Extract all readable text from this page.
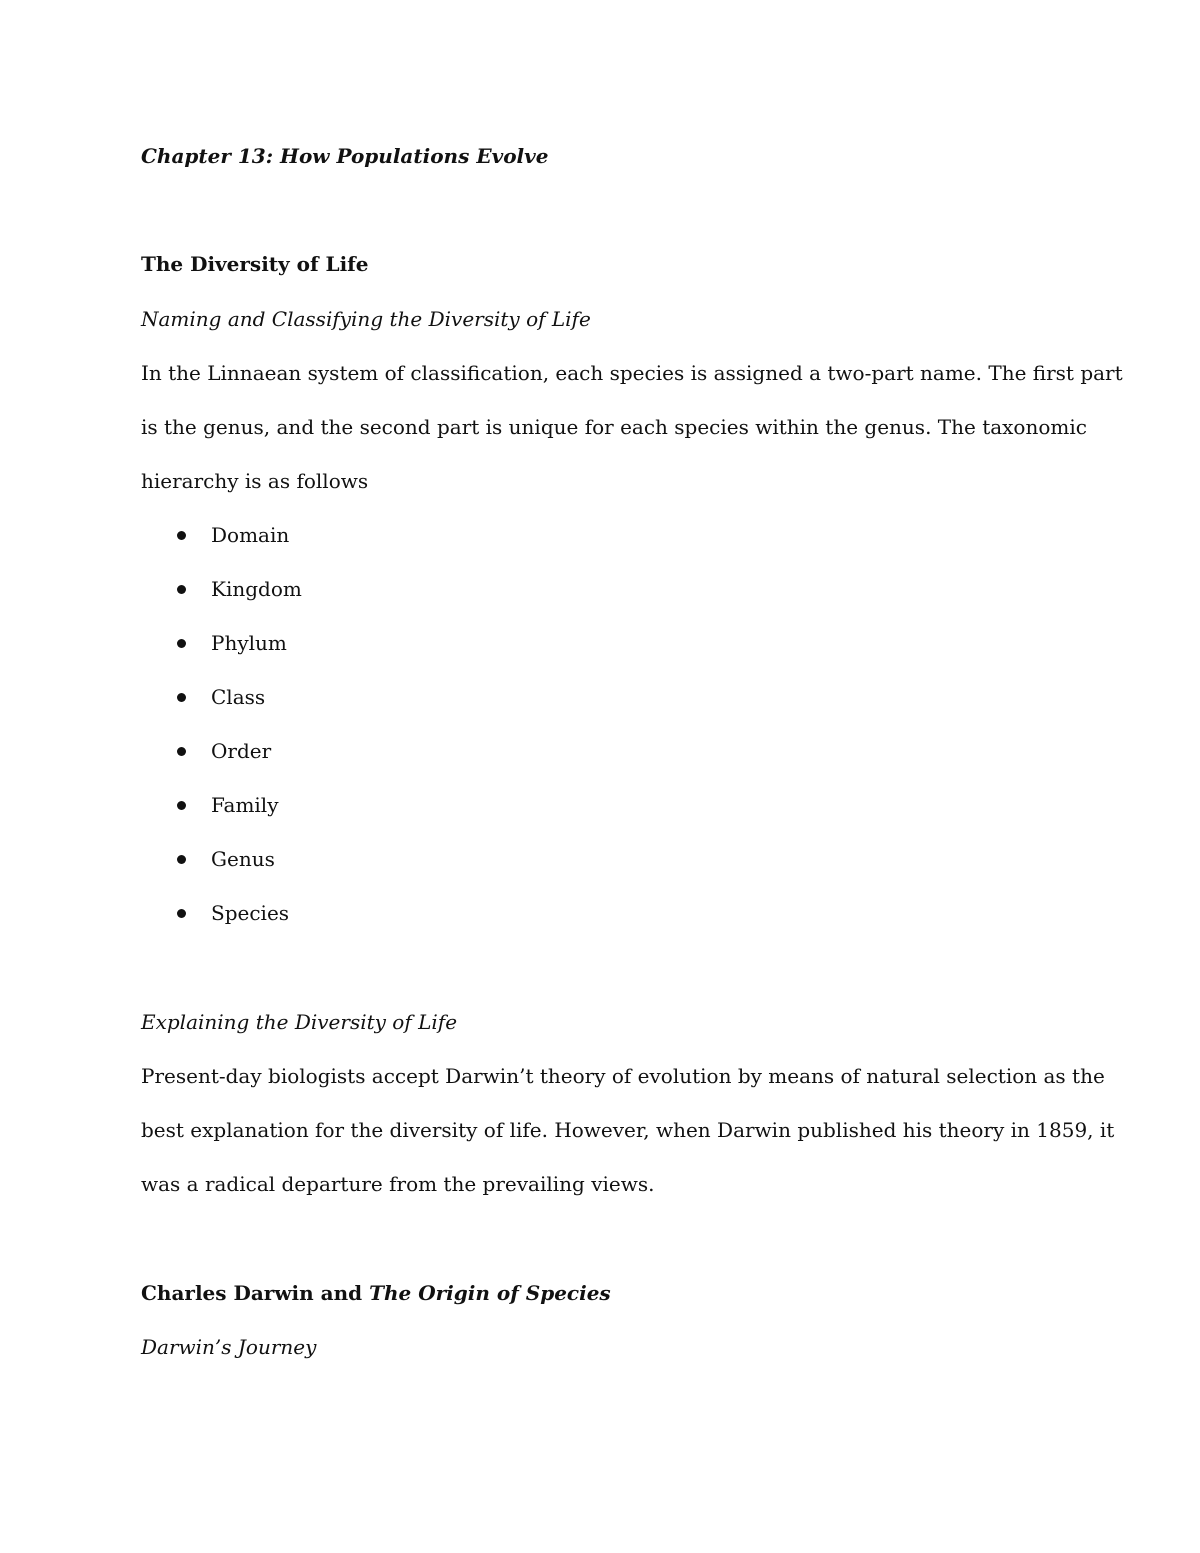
Chapter 13: How Populations Evolve
The Diversity of Life
Naming and Classifying the Diversity of Life
In the Linnaean system of classification, each species is assigned a two-part name. The first part
is the genus, and the second part is unique for each species within the genus. The taxonomic
hierarchy is as follows
Domain
Kingdom
Phylum
Class
Order
Family
Genus
Species
Explaining the Diversity of Life
Present-day biologists accept Darwin’t theory of evolution by means of natural selection as the
best explanation for the diversity of life. However, when Darwin published his theory in 1859, it
was a radical departure from the prevailing views.
Charles Darwin and The Origin of Species
Darwin’s Journey
